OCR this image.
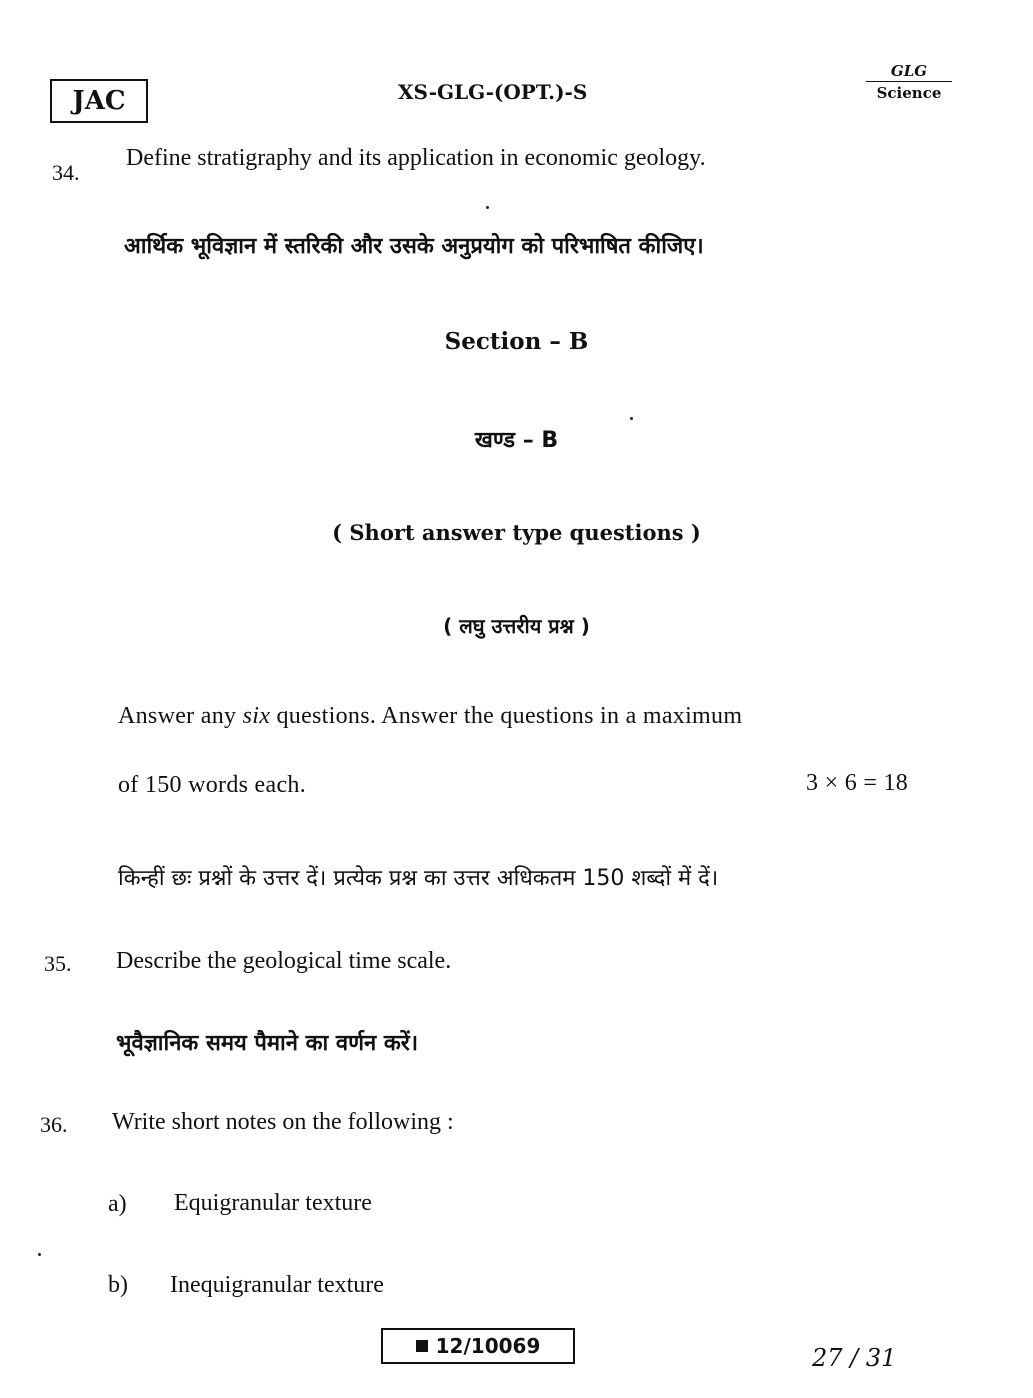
JAC	XS-GLG-(OPT.)-S
GLG
Science
34.
Define stratigraphy and its application in economic geology.
आर्थिक भूविज्ञान में स्तरिकी और उसके अनुप्रयोग को परिभाषित कीजिए।
Section – B
खण्ड – B
( Short answer type questions )
( लघु उत्तरीय प्रश्न )
Answer any six questions. Answer the questions in a maximum
of 150 words each.	3 × 6 = 18
किन्हीं छः प्रश्नों के उत्तर दें। प्रत्येक प्रश्न का उत्तर अधिकतम 150 शब्दों में दें।
35. Describe the geological time scale.
भूवैज्ञानिक समय पैमाने का वर्णन करें।
36. Write short notes on the following :
a) Equigranular texture
b) Inequigranular texture
12/10069	27 / 31
